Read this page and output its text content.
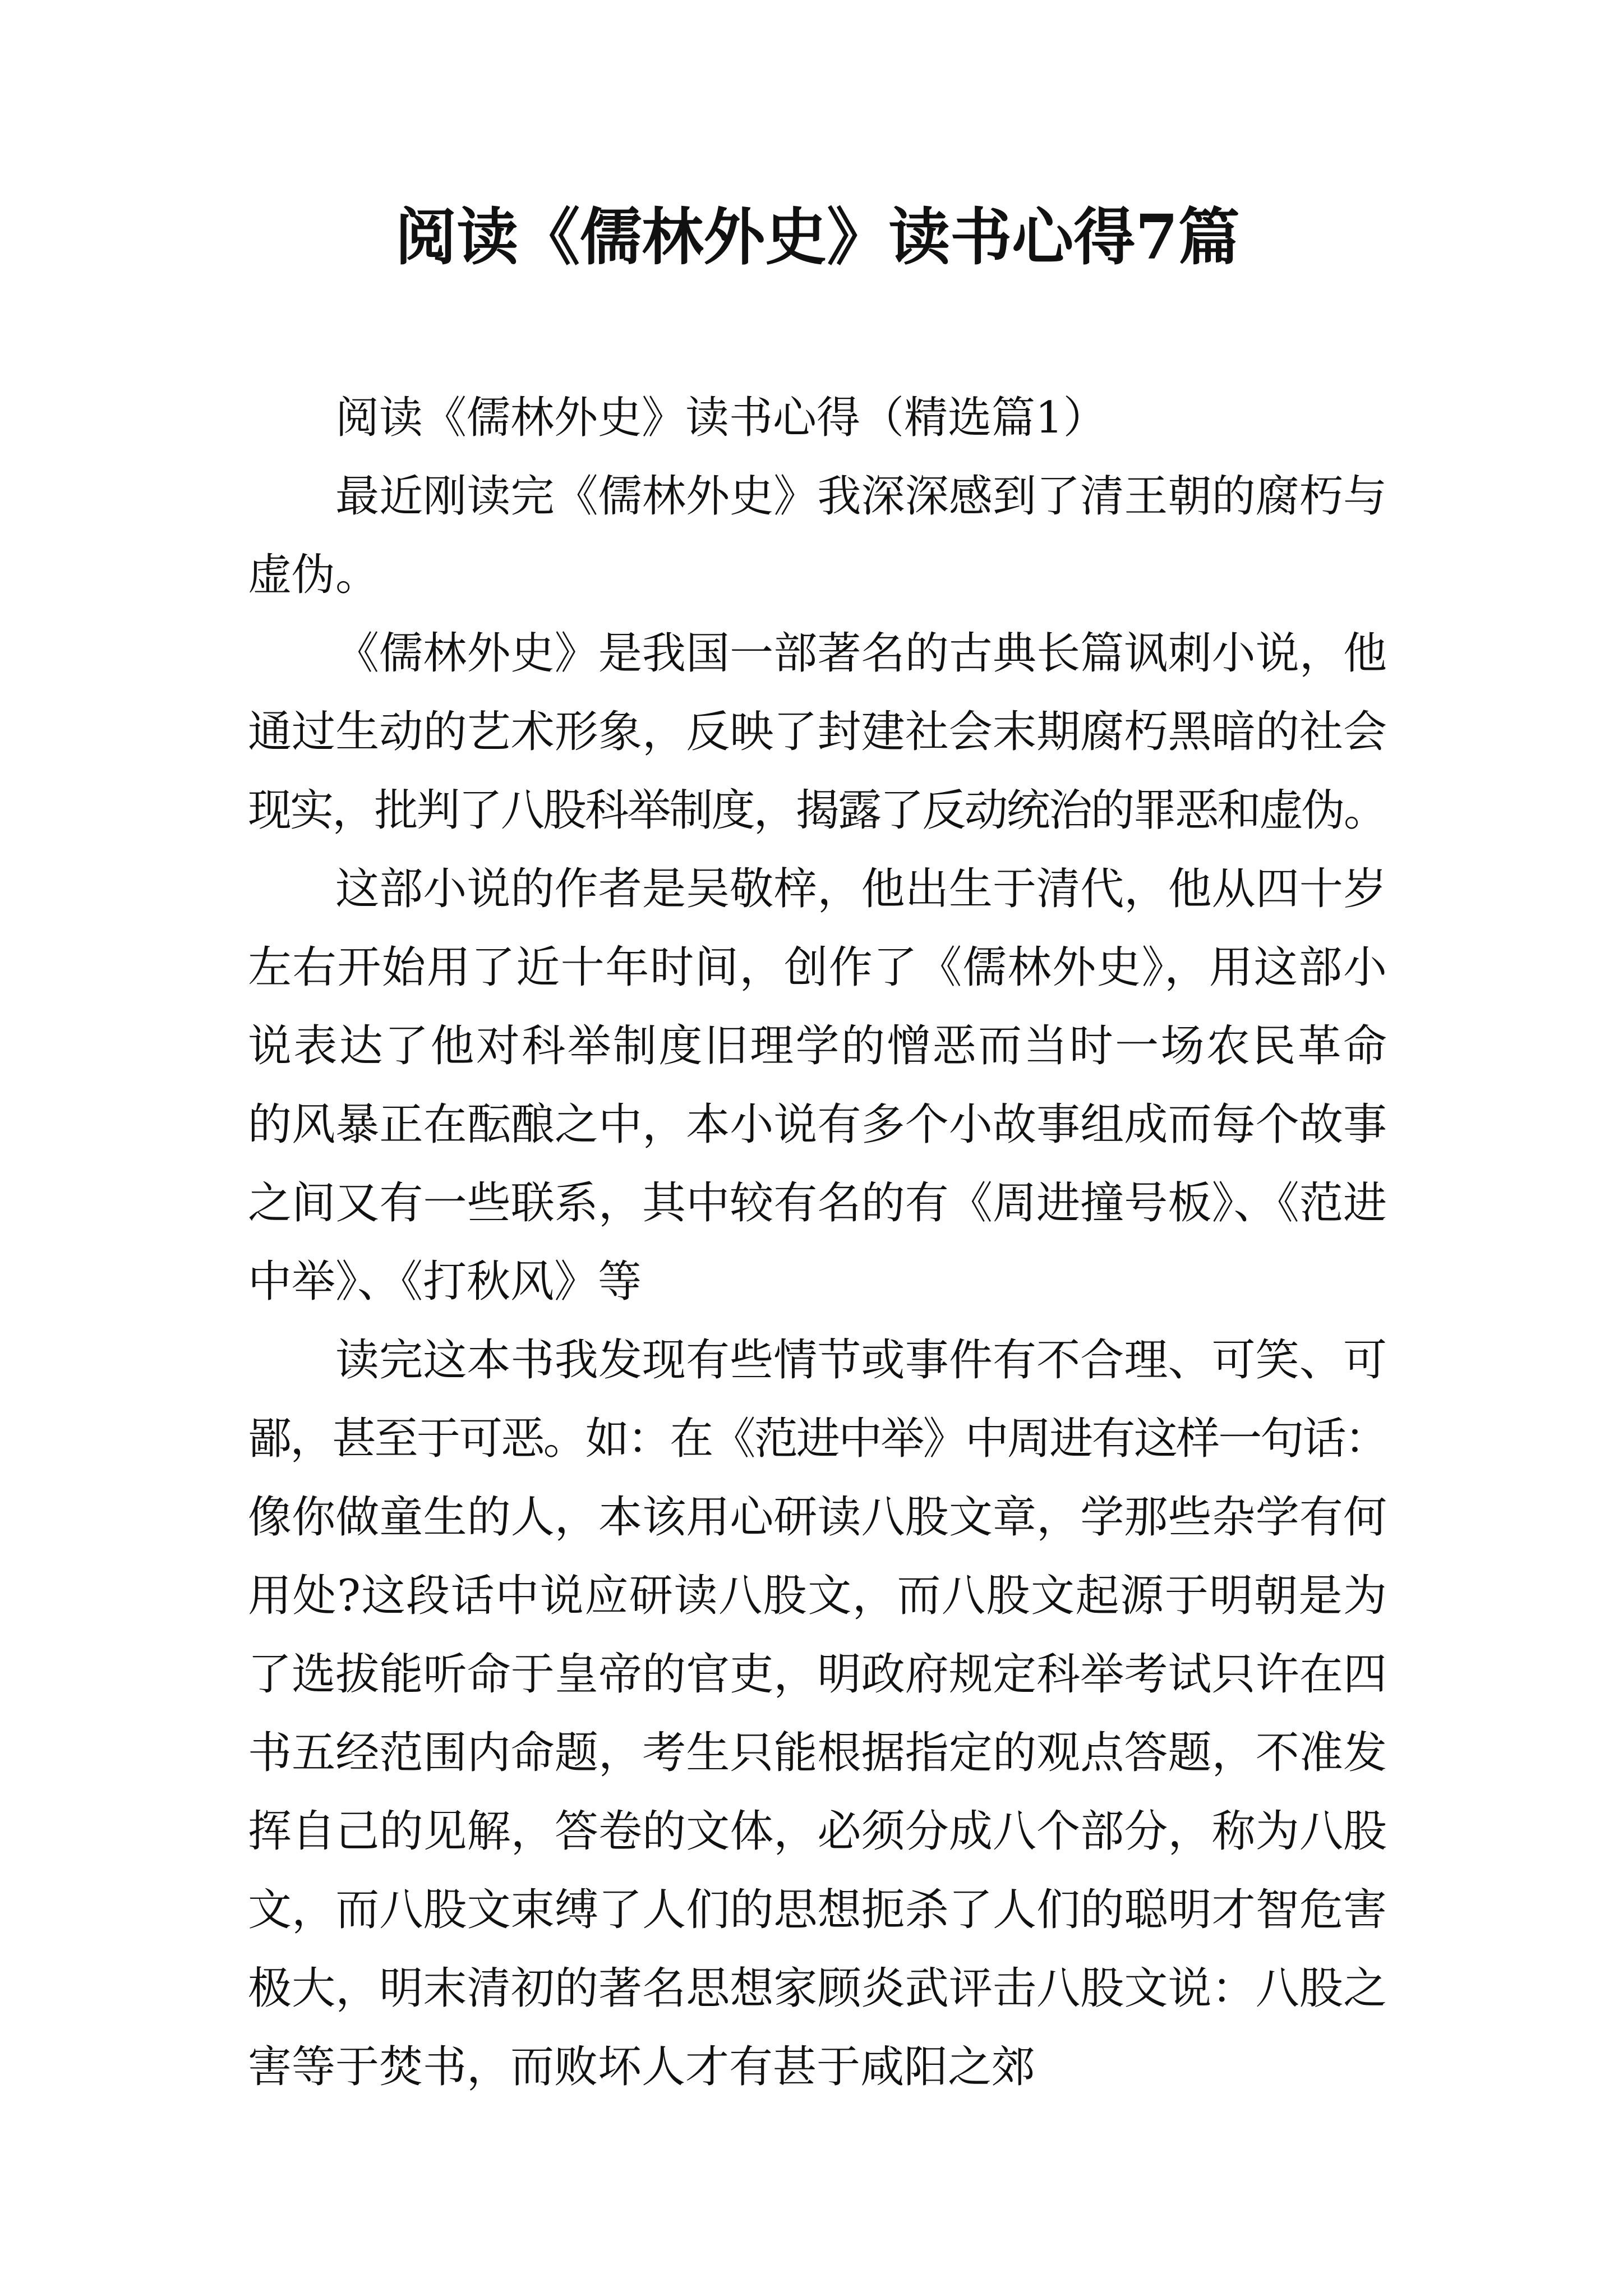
阅读《儒林外史》读书心得7篇
阅读《儒林外史》读书心得（精选篇1）
最近刚读完《儒林外史》我深深感到了清王朝的腐朽与
虚伪。
《儒林外史》是我国一部著名的古典长篇讽刺小说，他
通过生动的艺术形象，反映了封建社会末期腐朽黑暗的社会
现实，批判了八股科举制度，揭露了反动统治的罪恶和虚伪。
这部小说的作者是吴敬梓，他出生于清代，他从四十岁
左右开始用了近十年时间，创作了《儒林外史》，用这部小
说表达了他对科举制度旧理学的憎恶而当时一场农民革命
的风暴正在酝酿之中，本小说有多个小故事组成而每个故事
之间又有一些联系，其中较有名的有《周进撞号板》、《范进
中举》、《打秋风》等
读完这本书我发现有些情节或事件有不合理、可笑、可
鄙，甚至于可恶。如：在《范进中举》中周进有这样一句话：
像你做童生的人，本该用心研读八股文章，学那些杂学有何
用处?这段话中说应研读八股文，而八股文起源于明朝是为
了选拔能听命于皇帝的官吏，明政府规定科举考试只许在四
书五经范围内命题，考生只能根据指定的观点答题，不准发
挥自己的见解，答卷的文体，必须分成八个部分，称为八股
文，而八股文束缚了人们的思想扼杀了人们的聪明才智危害
极大，明末清初的著名思想家顾炎武评击八股文说：八股之
害等于焚书，而败坏人才有甚于咸阳之郊
